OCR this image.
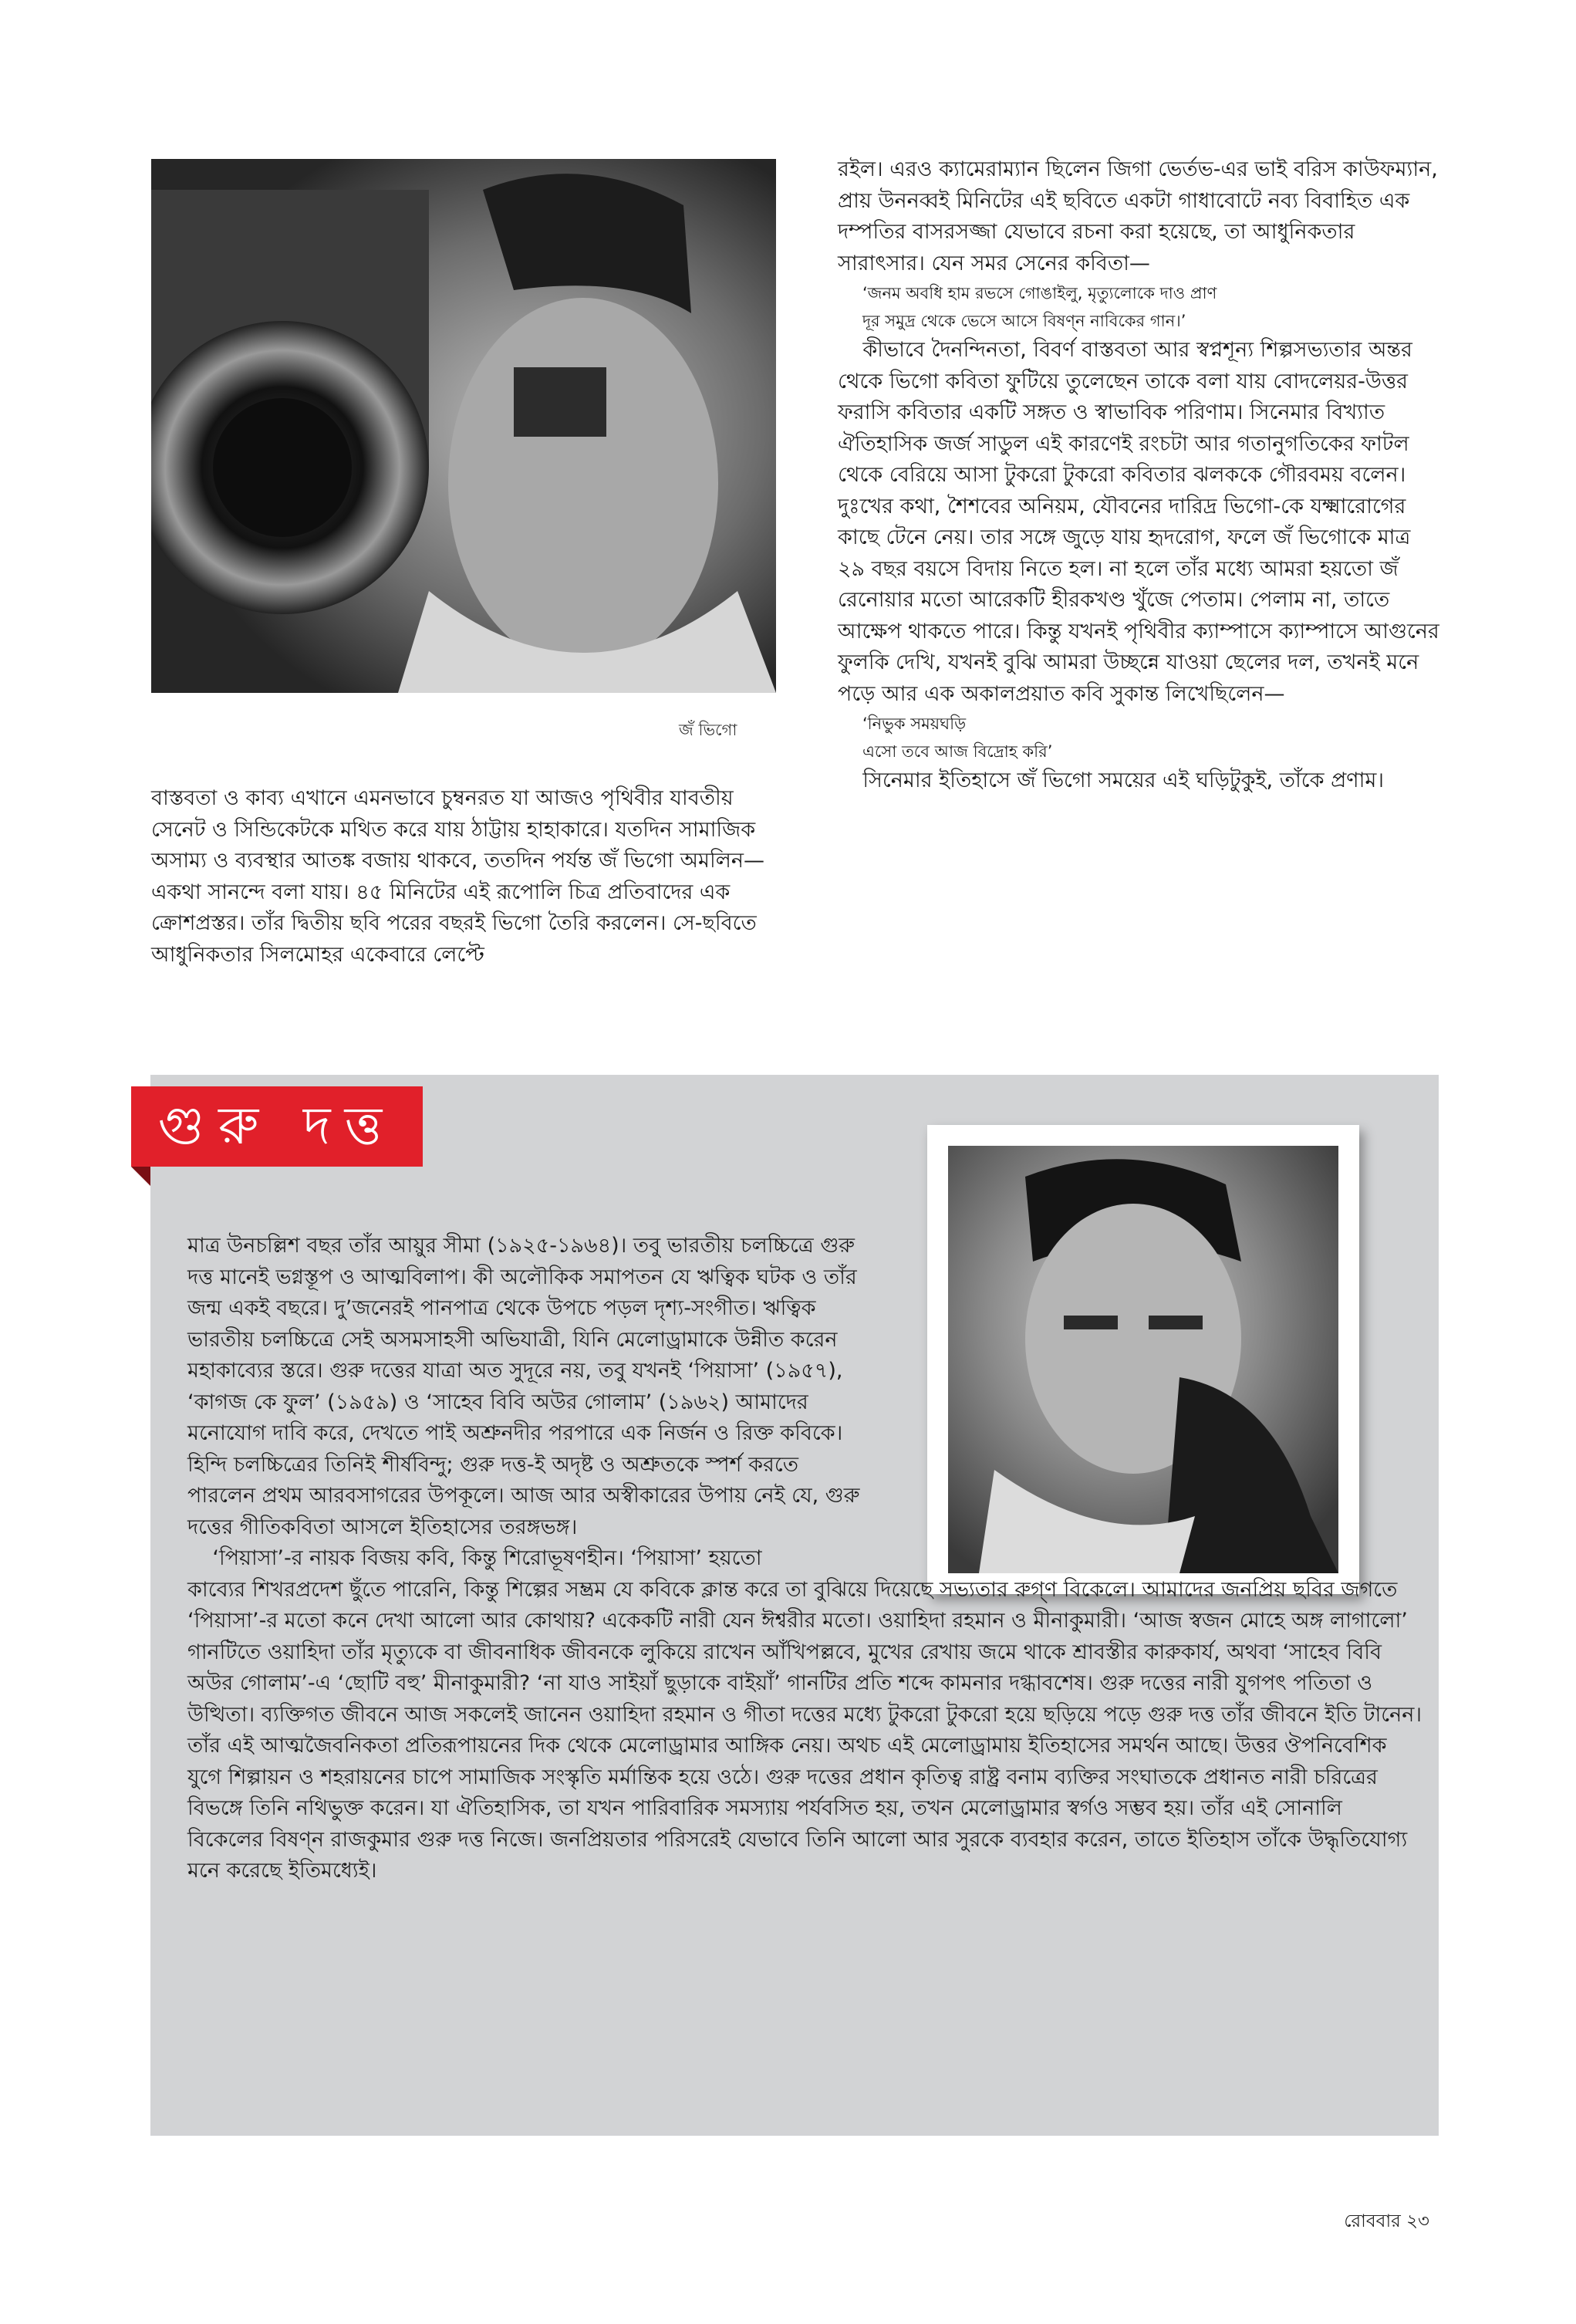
জঁ ভিগো

বাস্তবতা ও কাব্য এখানে এমনভাবে চুম্বনরত যা আজও পৃথিবীর যাবতীয় সেনেট ও সিন্ডিকেটকে মথিত করে যায় ঠাট্টায় হাহাকারে। যতদিন সামাজিক অসাম্য ও ব্যবস্থার আতঙ্ক বজায় থাকবে, ততদিন পর্যন্ত জঁ ভিগো অমলিন—একথা সানন্দে বলা যায়। ৪৫ মিনিটের এই রূপোলি চিত্র প্রতিবাদের এক ক্রোশপ্রস্তর। তাঁর দ্বিতীয় ছবি পরের বছরই ভিগো তৈরি করলেন। সে-ছবিতে আধুনিকতার সিলমোহর একেবারে লেপ্টে

রইল। এরও ক্যামেরাম্যান ছিলেন জিগা ভের্তভ-এর ভাই বরিস কাউফম্যান, প্রায় উননব্বই মিনিটের এই ছবিতে একটা গাধাবোটে নব্য বিবাহিত এক দম্পতির বাসরসজ্জা যেভাবে রচনা করা হয়েছে, তা আধুনিকতার সারাৎসার। যেন সমর সেনের কবিতা—

‘জনম অবধি হাম রভসে গোঙাইলু, মৃত্যুলোকে দাও প্রাণ

দূর সমুদ্র থেকে ভেসে আসে বিষণ্ন নাবিকের গান।’

কীভাবে দৈনন্দিনতা, বিবর্ণ বাস্তবতা আর স্বপ্নশূন্য শিল্পসভ্যতার অন্তর থেকে ভিগো কবিতা ফুটিয়ে তুলেছেন তাকে বলা যায় বোদলেয়র-উত্তর ফরাসি কবিতার একটি সঙ্গত ও স্বাভাবিক পরিণাম। সিনেমার বিখ্যাত ঐতিহাসিক জর্জ সাডুল এই কারণেই রংচটা আর গতানুগতিকের ফাটল থেকে বেরিয়ে আসা টুকরো টুকরো কবিতার ঝলককে গৌরবময় বলেন। দুঃখের কথা, শৈশবের অনিয়ম, যৌবনের দারিদ্র ভিগো-কে যক্ষ্মারোগের কাছে টেনে নেয়। তার সঙ্গে জুড়ে যায় হৃদরোগ, ফলে জঁ ভিগোকে মাত্র ২৯ বছর বয়সে বিদায় নিতে হল। না হলে তাঁর মধ্যে আমরা হয়তো জঁ রেনোয়ার মতো আরেকটি হীরকখণ্ড খুঁজে পেতাম। পেলাম না, তাতে আক্ষেপ থাকতে পারে। কিন্তু যখনই পৃথিবীর ক্যাম্পাসে ক্যাম্পাসে আগুনের ফুলকি দেখি, যখনই বুঝি আমরা উচ্ছন্নে যাওয়া ছেলের দল, তখনই মনে পড়ে আর এক অকালপ্রয়াত কবি সুকান্ত লিখেছিলেন—

‘নিভুক সময়ঘড়ি

এসো তবে আজ বিদ্রোহ করি’

সিনেমার ইতিহাসে জঁ ভিগো সময়ের এই ঘড়িটুকুই, তাঁকে প্রণাম।

গুরু দত্ত

মাত্র উনচল্লিশ বছর তাঁর আয়ুর সীমা (১৯২৫-১৯৬৪)। তবু ভারতীয় চলচ্চিত্রে গুরু দত্ত মানেই ভগ্নস্তূপ ও আত্মবিলাপ। কী অলৌকিক সমাপতন যে ঋত্বিক ঘটক ও তাঁর জন্ম একই বছরে। দু’জনেরই পানপাত্র থেকে উপচে পড়ল দৃশ্য-সংগীত। ঋত্বিক ভারতীয় চলচ্চিত্রে সেই অসমসাহসী অভিযাত্রী, যিনি মেলোড্রামাকে উন্নীত করেন মহাকাব্যের স্তরে। গুরু দত্তের যাত্রা অত সুদূরে নয়, তবু যখনই ‘পিয়াসা’ (১৯৫৭), ‘কাগজ কে ফুল’ (১৯৫৯) ও ‘সাহেব বিবি অউর গোলাম’ (১৯৬২) আমাদের মনোযোগ দাবি করে, দেখতে পাই অশ্রুনদীর পরপারে এক নির্জন ও রিক্ত কবিকে। হিন্দি চলচ্চিত্রের তিনিই শীর্ষবিন্দু; গুরু দত্ত-ই অদৃষ্ট ও অশ্রুতকে স্পর্শ করতে পারলেন প্রথম আরবসাগরের উপকূলে। আজ আর অস্বীকারের উপায় নেই যে, গুরু দত্তের গীতিকবিতা আসলে ইতিহাসের তরঙ্গভঙ্গ।

‘পিয়াসা’-র নায়ক বিজয় কবি, কিন্তু শিরোভূষণহীন। ‘পিয়াসা’ হয়তো

কাব্যের শিখরপ্রদেশ ছুঁতে পারেনি, কিন্তু শিল্পের সম্ভ্রম যে কবিকে ক্লান্ত করে তা বুঝিয়ে দিয়েছে সভ্যতার রুগ্‌ণ বিকেলে। আমাদের জনপ্রিয় ছবির জগতে ‘পিয়াসা’-র মতো কনে দেখা আলো আর কোথায়? একেকটি নারী যেন ঈশ্বরীর মতো। ওয়াহিদা রহমান ও মীনাকুমারী। ‘আজ স্বজন মোহে অঙ্গ লাগালো’ গানটিতে ওয়াহিদা তাঁর মৃত্যুকে বা জীবনাধিক জীবনকে লুকিয়ে রাখেন আঁখিপল্লবে, মুখের রেখায় জমে থাকে শ্রাবস্তীর কারুকার্য, অথবা ‘সাহেব বিবি অউর গোলাম’-এ ‘ছোটি বহু’ মীনাকুমারী? ‘না যাও সাইয়াঁ ছুড়াকে বাইয়াঁ’ গানটির প্রতি শব্দে কামনার দগ্ধাবশেষ। গুরু দত্তের নারী যুগপৎ পতিতা ও উত্থিতা। ব্যক্তিগত জীবনে আজ সকলেই জানেন ওয়াহিদা রহমান ও গীতা দত্তের মধ্যে টুকরো টুকরো হয়ে ছড়িয়ে পড়ে গুরু দত্ত তাঁর জীবনে ইতি টানেন। তাঁর এই আত্মজৈবনিকতা প্রতিরূপায়নের দিক থেকে মেলোড্রামার আঙ্গিক নেয়। অথচ এই মেলোড্রামায় ইতিহাসের সমর্থন আছে। উত্তর ঔপনিবেশিক যুগে শিল্পায়ন ও শহরায়নের চাপে সামাজিক সংস্কৃতি মর্মান্তিক হয়ে ওঠে। গুরু দত্তের প্রধান কৃতিত্ব রাষ্ট্র বনাম ব্যক্তির সংঘাতকে প্রধানত নারী চরিত্রের বিভঙ্গে তিনি নথিভুক্ত করেন। যা ঐতিহাসিক, তা যখন পারিবারিক সমস্যায় পর্যবসিত হয়, তখন মেলোড্রামার স্বর্গও সম্ভব হয়। তাঁর এই সোনালি বিকেলের বিষণ্ন রাজকুমার গুরু দত্ত নিজে। জনপ্রিয়তার পরিসরেই যেভাবে তিনি আলো আর সুরকে ব্যবহার করেন, তাতে ইতিহাস তাঁকে উদ্ধৃতিযোগ্য মনে করেছে ইতিমধ্যেই।

রোববার ২৩
